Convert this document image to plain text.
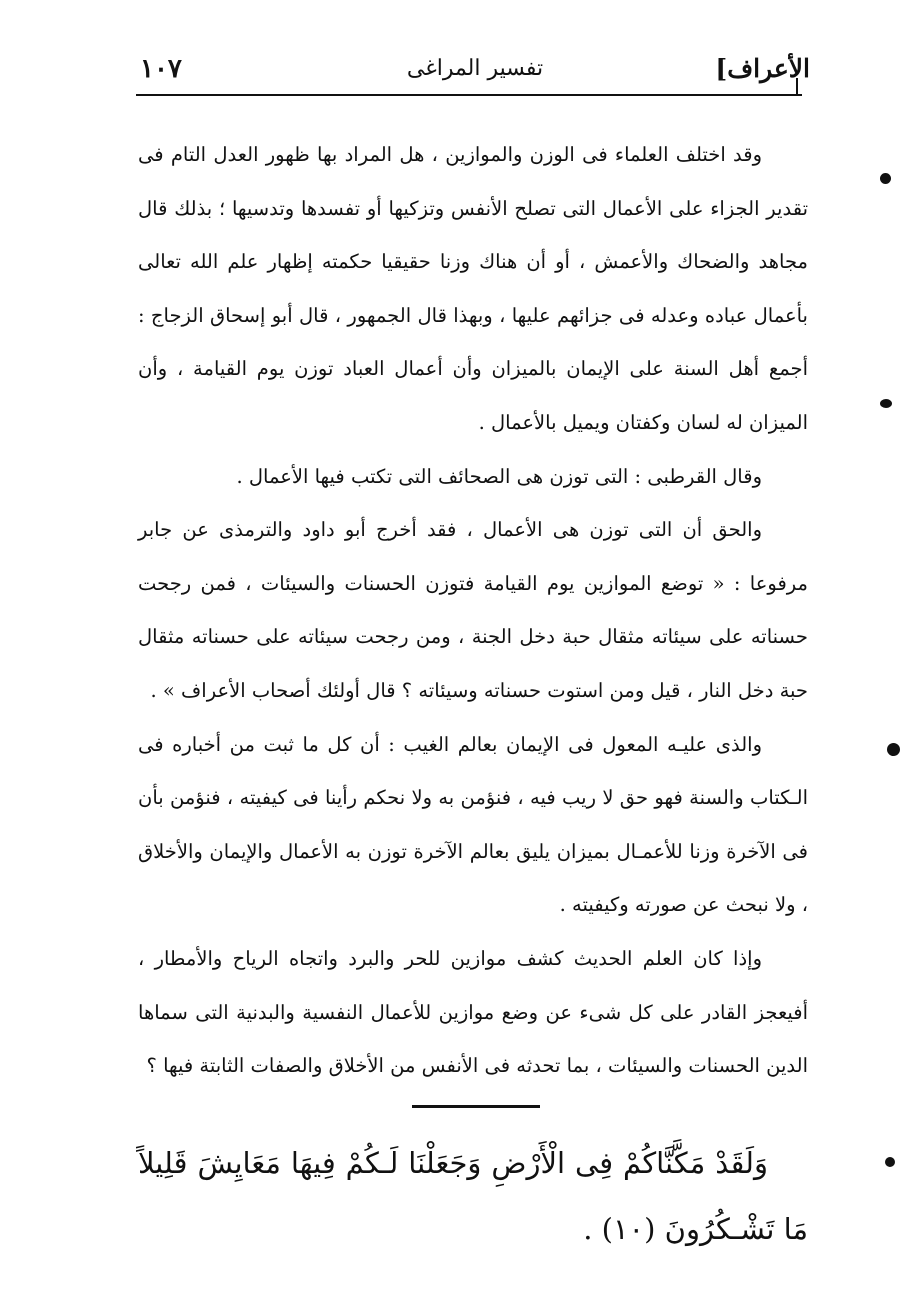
الأعراف]
تفسير المراغى
١٠٧

وقد اختلف العلماء فى الوزن والموازين ، هل المراد بها ظهور العدل التام فى تقدير الجزاء على الأعمال التى تصلح الأنفس وتزكيها أو تفسدها وتدسيها ؛ بذلك قال مجاهد والضحاك والأعمش ، أو أن هناك وزنا حقيقيا حكمته إظهار علم الله تعالى بأعمال عباده وعدله فى جزائهم عليها ، وبهذا قال الجمهور ، قال أبو إسحاق الزجاج : أجمع أهل السنة على الإيمان بالميزان وأن أعمال العباد توزن يوم القيامة ، وأن الميزان له لسان وكفتان ويميل بالأعمال .

وقال القرطبى : التى توزن هى الصحائف التى تكتب فيها الأعمال .

والحق أن التى توزن هى الأعمال ، فقد أخرج أبو داود والترمذى عن جابر مرفوعا : « توضع الموازين يوم القيامة فتوزن الحسنات والسيئات ، فمن رجحت حسناته على سيئاته مثقال حبة دخل الجنة ، ومن رجحت سيئاته على حسناته مثقال حبة دخل النار ، قيل ومن استوت حسناته وسيئاته ؟ قال أولئك أصحاب الأعراف » .

والذى عليـه المعول فى الإيمان بعالم الغيب : أن كل ما ثبت من أخباره فى الـكتاب والسنة فهو حق لا ريب فيه ، فنؤمن به ولا نحكم رأينا فى كيفيته ، فنؤمن بأن فى الآخرة وزنا للأعمـال بميزان يليق بعالم الآخرة توزن به الأعمال والإيمان والأخلاق ، ولا نبحث عن صورته وكيفيته .

وإذا كان العلم الحديث كشف موازين للحر والبرد واتجاه الرياح والأمطار ، أفيعجز القادر على كل شىء عن وضع موازين للأعمال النفسية والبدنية التى سماها الدين الحسنات والسيئات ، بما تحدثه فى الأنفس من الأخلاق والصفات الثابتة فيها ؟

وَلَقَدْ مَكَّنَّاكُمْ فِى الْأَرْضِ وَجَعَلْنَا لَـكُمْ فِيهَا مَعَايِشَ قَلِيلاً مَا تَشْـكُرُونَ (١٠) .
